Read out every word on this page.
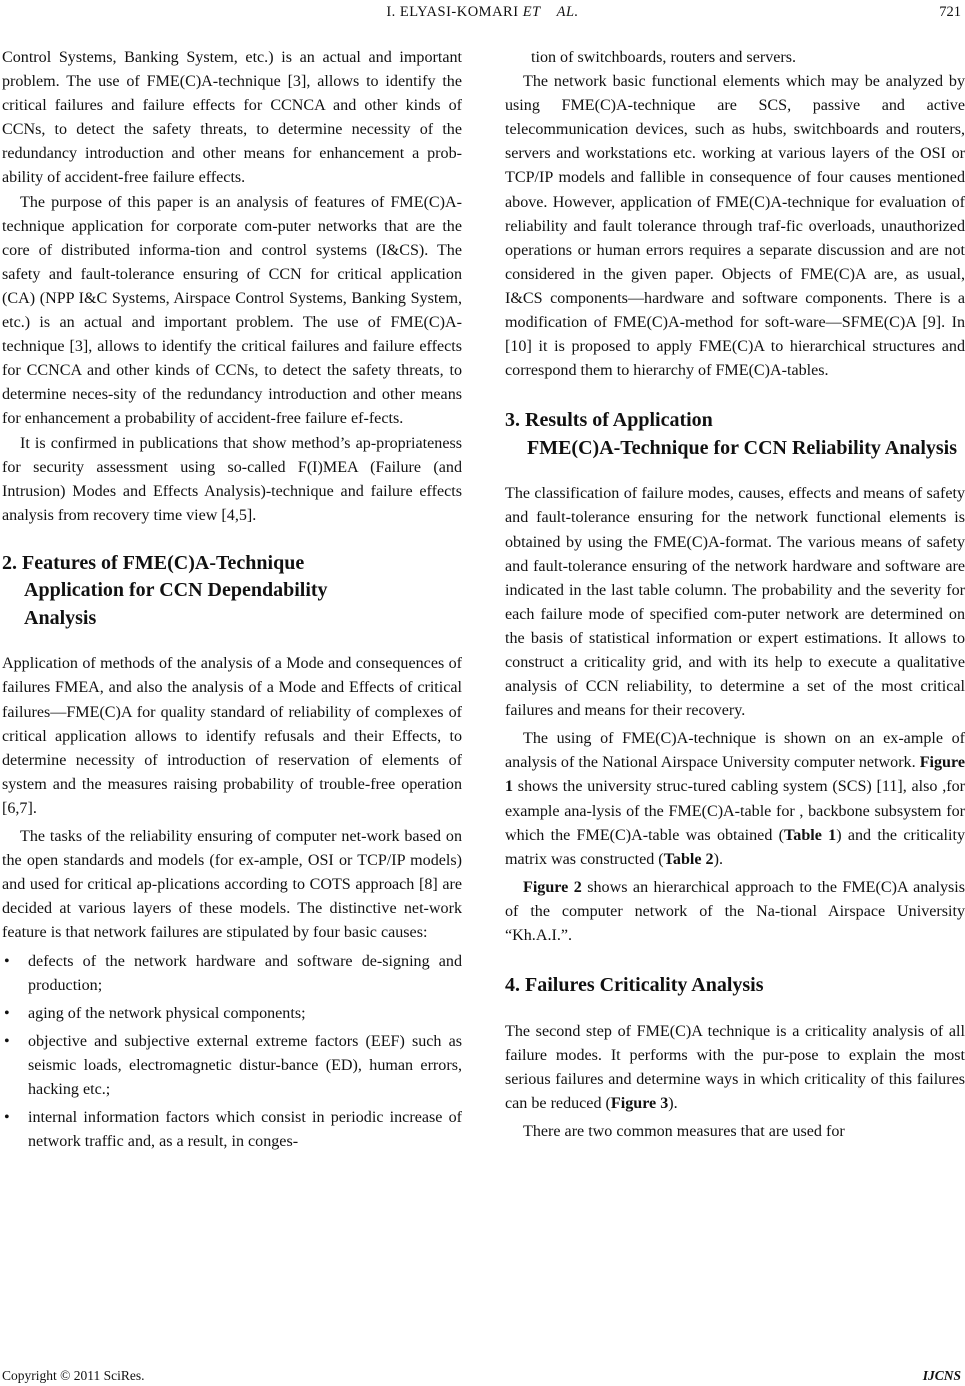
I. ELYASI-KOMARI ET    AL.	721

Control Systems, Banking System, etc.) is an actual and important problem. The use of FME(C)A-technique [3], allows to identify the critical failures and failure effects for CCNCA and other kinds of CCNs, to detect the safety threats, to determine necessity of the redundancy introduction and other means for enhancement a prob-ability of accident-free failure effects.

The purpose of this paper is an analysis of features of FME(C)A-technique application for corporate com-puter networks that are the core of distributed informa-tion and control systems (I&CS). The safety and fault-tolerance ensuring of CCN for critical application (CA) (NPP I&C Systems, Airspace Control Systems, Banking System, etc.) is an actual and important problem. The use of FME(C)A-technique [3], allows to identify the critical failures and failure effects for CCNCA and other kinds of CCNs, to detect the safety threats, to determine neces-sity of the redundancy introduction and other means for enhancement a probability of accident-free failure ef-fects.

It is confirmed in publications that show method’s ap-propriateness for security assessment using so-called F(I)MEA (Failure (and Intrusion) Modes and Effects Analysis)-technique and failure effects analysis from recovery time view [4,5].

2. Features of FME(C)A-Technique
Application for CCN Dependability Analysis

Application of methods of the analysis of a Mode and consequences of failures FMEA, and also the analysis of a Mode and Effects of critical failures—FME(C)A for quality standard of reliability of complexes of critical application allows to identify refusals and their Effects, to determine necessity of introduction of reservation of elements of system and the measures raising probability of trouble-free operation [6,7].

The tasks of the reliability ensuring of computer net-work based on the open standards and models (for ex-ample, OSI or TCP/IP models) and used for critical ap-plications according to COTS approach [8] are decided at various layers of these models. The distinctive net-work feature is that network failures are stipulated by four basic causes:

• defects of the network hardware and software de-signing and production;
• aging of the network physical components;
• objective and subjective external extreme factors (EEF) such as seismic loads, electromagnetic distur-bance (ED), human errors, hacking etc.;
• internal information factors which consist in periodic increase of network traffic and, as a result, in conges-

tion of switchboards, routers and servers.

The network basic functional elements which may be analyzed by using FME(C)A-technique are SCS, passive and active telecommunication devices, such as hubs, switchboards and routers, servers and workstations etc. working at various layers of the OSI or TCP/IP models and fallible in consequence of four causes mentioned above. However, application of FME(C)A-technique for evaluation of reliability and fault tolerance through traf-fic overloads, unauthorized operations or human errors requires a separate discussion and are not considered in the given paper. Objects of FME(C)A are, as usual, I&CS components—hardware and software components. There is a modification of FME(C)A-method for soft-ware—SFME(C)A [9]. In [10] it is proposed to apply FME(C)A to hierarchical structures and correspond them to hierarchy of FME(C)A-tables.

3. Results of Application
FME(C)A-Technique for CCN Reliability Analysis

The classification of failure modes, causes, effects and means of safety and fault-tolerance ensuring for the network functional elements is obtained by using the FME(C)A-format. The various means of safety and fault-tolerance ensuring of the network hardware and software are indicated in the last table column. The probability and the severity for each failure mode of specified com-puter network are determined on the basis of statistical information or expert estimations. It allows to construct a criticality grid, and with its help to execute a qualitative analysis of CCN reliability, to determine a set of the most critical failures and means for their recovery.

The using of FME(C)A-technique is shown on an ex-ample of analysis of the National Airspace University computer network. Figure 1 shows the university struc-tured cabling system (SCS) [11], also ,for example ana-lysis of the FME(C)A-table for , backbone subsystem for which the FME(C)A-table was obtained (Table 1) and the criticality matrix was constructed (Table 2).

Figure 2 shows an hierarchical approach to the FME(C)A analysis of the computer network of the Na-tional Airspace University “Kh.A.I.”.

4. Failures Criticality Analysis

The second step of FME(C)A technique is a criticality analysis of all failure modes. It performs with the pur-pose to explain the most serious failures and determine ways in which criticality of this failures can be reduced (Figure 3).

There are two common measures that are used for

Copyright © 2011 SciRes.	IJCNS
